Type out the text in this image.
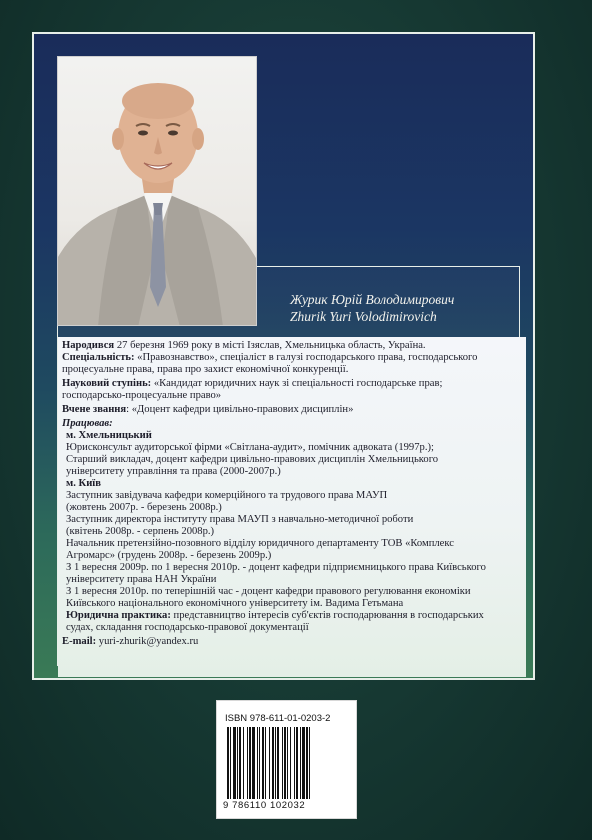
Журик Юрій Володимирович
Zhurik Yuri Volodimirovich

Народився 27 березня 1969 року в місті Ізяслав, Хмельницька область, Україна.

Спеціальність: «Правознавство», спеціаліст в галузі господарського права, господарського

процесуальне права, права про захист економічної конкуренції.

Науковий ступінь: «Кандидат юридичних наук зі спеціальності господарське прав;

господарсько-процесуальне право»

Вчене звання: «Доцент кафедри цивільно-правових дисциплін»

Працював:

м. Хмельницький

Юрисконсульт аудиторської фірми «Світлана-аудит», помічник адвоката (1997р.);

Старший викладач, доцент кафедри цивільно-правових дисциплін Хмельницького

університету управління та права (2000-2007р.)

м. Київ

Заступник завідувача кафедри комерційного та трудового права МАУП

(жовтень 2007р. - березень 2008р.)

Заступник директора інституту права МАУП з навчально-методичної роботи

(квітень 2008р. - серпень 2008р.)

Начальник претензійно-позовного відділу юридичного департаменту ТОВ «Комплекс

Агромарс» (грудень 2008р. - березень 2009р.)

З 1 вересня 2009р. по 1 вересня 2010р. - доцент кафедри підприємницького права Київського

університету права НАН України

З 1 вересня 2010р. по теперішній час - доцент кафедри правового регулювання економіки

Київського національного економічного університету ім. Вадима Гетьмана

Юридична практика: представництво інтересів суб'єктів господарювання в господарських

судах, складання господарсько-правової документації

E-mail: yuri-zhurik@yandex.ru

ISBN 978-611-01-0203-2
9 786110 102032
